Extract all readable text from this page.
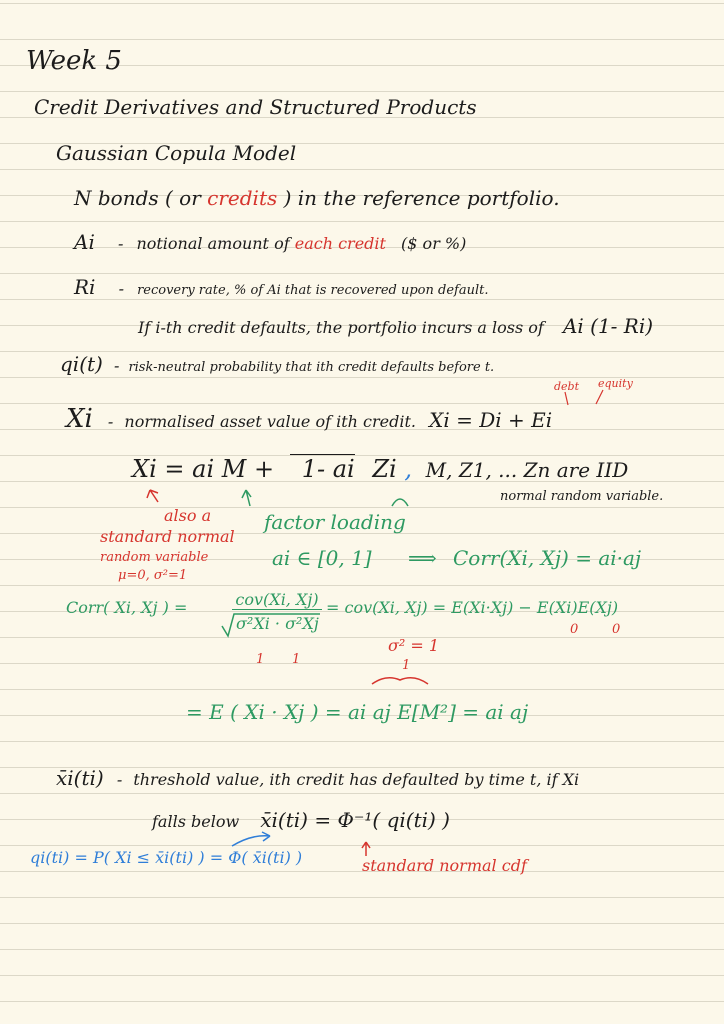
Week 5
Credit Derivatives and Structured Products
Gaussian Copula Model
N bonds ( or credits ) in the reference portfolio.
Ai - notional amount of each credit ($ or %)
Ri - recovery rate, % of Ai that is recovered upon default.
If i-th credit defaults, the portfolio incurs a loss of Ai (1- Ri)
qi(t) - risk-neutral probability that ith credit defaults before t.
debt equity
Xi - normalised asset value of ith credit. Xi = Di + Ei
Xi = ai M + 1- ai Zi , M, Z1, ... Zn are IID
normal random variable.
also a
standard normal
random variable
μ=0, σ²=1
factor loading
ai ∈ [0, 1] ⟹ Corr(Xi, Xj) = ai·aj
Corr( Xi, Xj ) =	cov(Xi, Xj)
σ²Xi · σ²Xj
= cov(Xi, Xj) = E(Xi·Xj) − E(Xi)E(Xj)
1 1
0	0
σ² = 1
1
= E ( Xi · Xj ) = ai aj E[M²] = ai aj
x̄i(ti) - threshold value, ith credit has defaulted by time t, if Xi
falls below x̄i(ti) = Φ⁻¹( qi(ti) )
qi(ti) = P( Xi ≤ x̄i(ti) ) = Φ( x̄i(ti) )	standard normal cdf
